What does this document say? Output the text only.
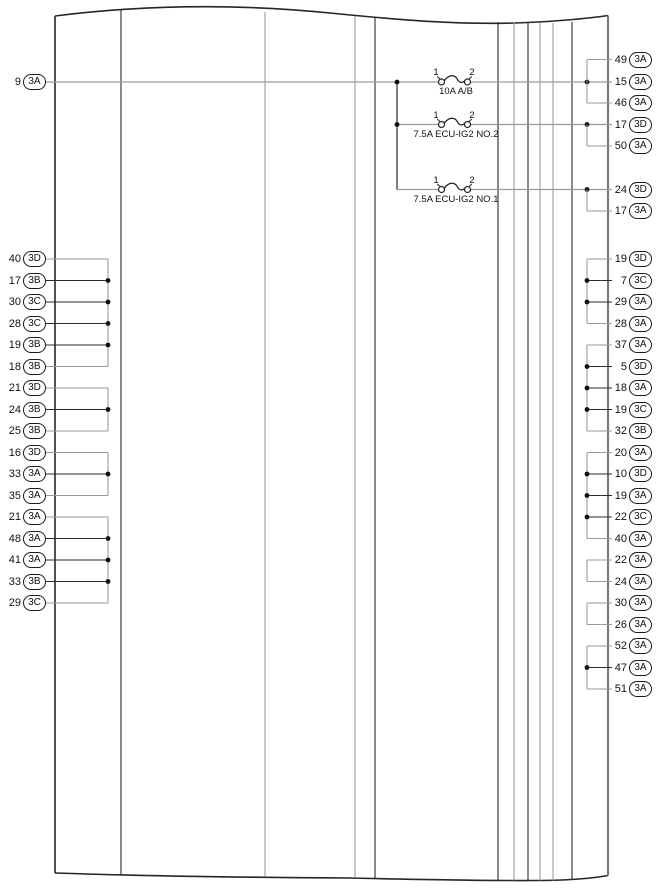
9 3A
49 3A
15 3A
46 3A
17 3D
50 3A
24 3D
17 3A
40 3D
17 3B
30 3C
28 3C
19 3B
18 3B
21 3D
24 3B
25 3B
16 3D
33 3A
35 3A
21 3A
48 3A
41 3A
33 3B
29 3C
19 3D
7 3C
29 3A
28 3A
37 3A
5 3D
18 3A
19 3C
32 3B
20 3A
10 3D
19 3A
22 3C
40 3A
22 3A
24 3A
30 3A
26 3A
52 3A
47 3A
51 3A
1	2
10A A/B
1	2
7.5A ECU-IG2 NO.2
1	2
7.5A ECU-IG2 NO.1
